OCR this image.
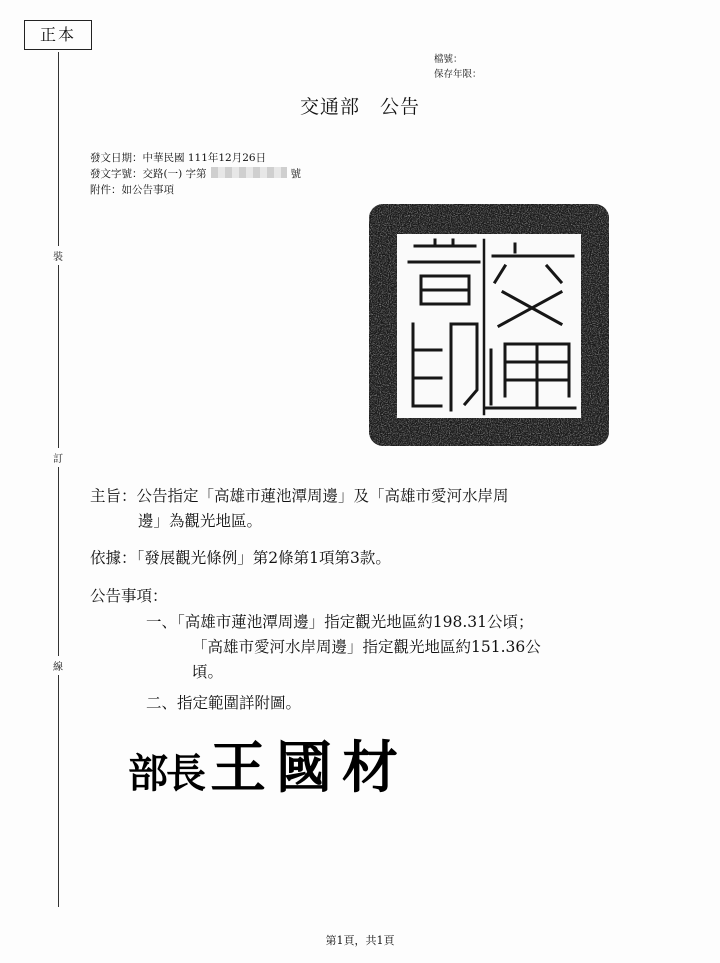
正本
裝
訂
線
檔號：
保存年限：
交通部　公告
發文日期：中華民國 111年12月26日
發文字號：交路(一) 字第	號
附件：如公告事項
主旨：公告指定「高雄市蓮池潭周邊」及「高雄市愛河水岸周
邊」為觀光地區。
依據：「發展觀光條例」第2條第1項第3款。
公告事項：
一、「高雄市蓮池潭周邊」指定觀光地區約198.31公頃；
「高雄市愛河水岸周邊」指定觀光地區約151.36公
頃。
二、指定範圍詳附圖。
部長 王國材
第1頁，共1頁
